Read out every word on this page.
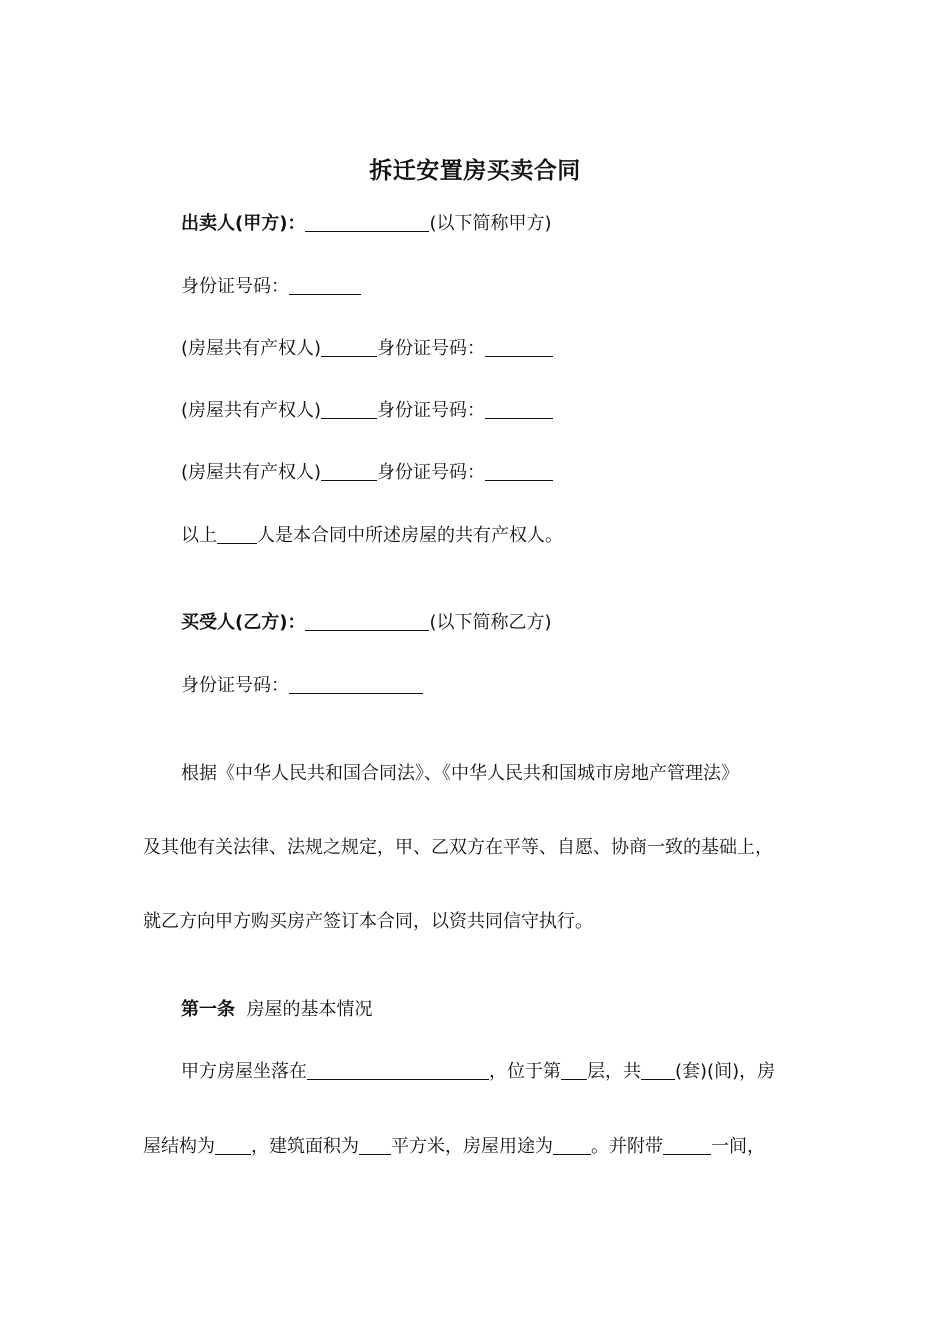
拆迁安置房买卖合同
出卖人(甲方)：	(以下简称甲方)
身份证号码：
(房屋共有产权人)	身份证号码：
(房屋共有产权人)	身份证号码：
(房屋共有产权人)	身份证号码：
以上 人是本合同中所述房屋的共有产权人。
买受人(乙方)：	(以下简称乙方)
身份证号码：
根据《中华人民共和国合同法》、《中华人民共和国城市房地产管理法》
及其他有关法律、法规之规定，甲、乙双方在平等、自愿、协商一致的基础上，
就乙方向甲方购买房产签订本合同，以资共同信守执行。
第一条 房屋的基本情况
甲方房屋坐落在	，位于第 层，共 (套)(间)，房
屋结构为 ，建筑面积为 平方米，房屋用途为 。并附带	一间，
